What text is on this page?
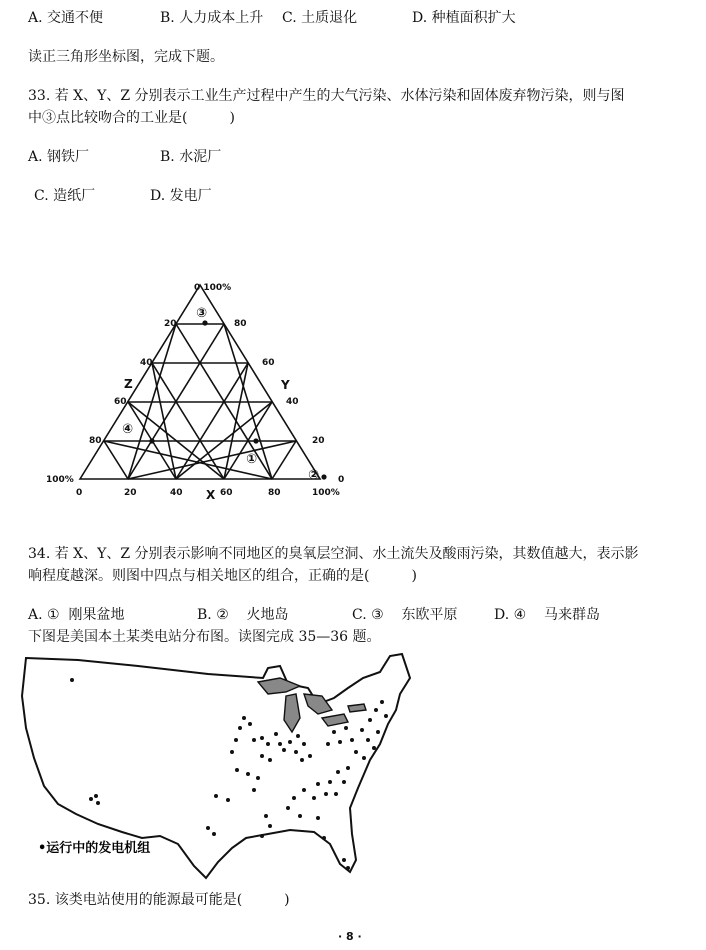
A. 交通不便	B. 人力成本上升 C. 土质退化	D. 种植面积扩大
读正三角形坐标图，完成下题。
33. 若 X、Y、Z 分别表示工业生产过程中产生的大气污染、水体污染和固体废弃物污染，则与图
中③点比较吻合的工业是(　　　)
A. 钢铁厂	B. 水泥厂
C. 造纸厂	D. 发电厂
③
④
①
②
Z	Y
X
0 100%
20
40
60
80
100%
80
60
40
20
0
0	20	40	60	80	100%
34. 若 X、Y、Z 分别表示影响不同地区的臭氧层空洞、水土流失及酸雨污染，其数值越大，表示影
响程度越深。则图中四点与相关地区的组合，正确的是(　　　)
A. ①  刚果盆地	B. ②    火地岛	C. ③    东欧平原	D. ④    马来群岛
下图是美国本土某类电站分布图。读图完成 35—36 题。
•运行中的发电机组
35. 该类电站使用的能源最可能是(　　　)
· 8 ·
